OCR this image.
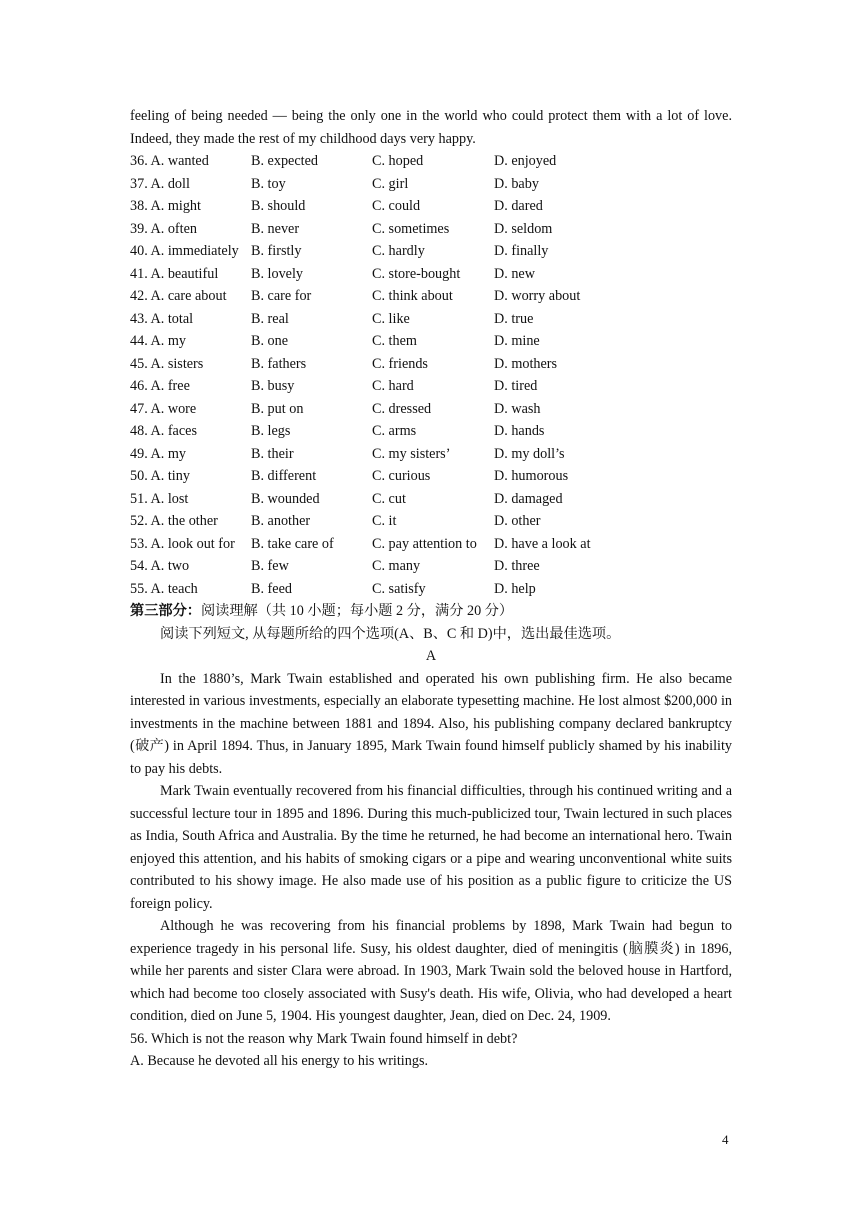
feeling of being needed — being the only one in the world who could protect them with a lot of love. Indeed, they made the rest of my childhood days very happy.

36. A. wanted	B. expected	C. hoped	D. enjoyed
37. A. doll	B. toy	C. girl	D. baby
38. A. might	B. should	C. could	D. dared
39. A. often	B. never	C. sometimes	D. seldom
40. A. immediately B. firstly	C. hardly	D. finally
41. A. beautiful	B. lovely	C. store-bought	D. new
42. A. care about	B. care for	C. think about	D. worry about
43. A. total	B. real	C. like	D. true
44. A. my	B. one	C. them	D. mine
45. A. sisters	B. fathers	C. friends	D. mothers
46. A. free	B. busy	C. hard	D. tired
47. A. wore	B. put on	C. dressed	D. wash
48. A. faces	B. legs	C. arms	D. hands
49. A. my	B. their	C. my sisters’	D. my doll’s
50. A. tiny	B. different	C. curious	D. humorous
51. A. lost	B. wounded	C. cut	D. damaged
52. A. the other	B. another	C. it	D. other
53. A. look out for	B. take care of	C. pay attention to	D. have a look at
54. A. two	B. few	C. many	D. three
55. A. teach	B. feed	C. satisfy	D. help

第三部分：阅读理解（共 10 小题；每小题 2 分，满分 20 分）

阅读下列短文, 从每题所给的四个选项(A、B、C 和 D)中，选出最佳选项。

A

In the 1880’s, Mark Twain established and operated his own publishing firm. He also became interested in various investments, especially an elaborate typesetting machine. He lost almost $200,000 in investments in the machine between 1881 and 1894. Also, his publishing company declared bankruptcy (破产) in April 1894. Thus, in January 1895, Mark Twain found himself publicly shamed by his inability to pay his debts.

Mark Twain eventually recovered from his financial difficulties, through his continued writing and a successful lecture tour in 1895 and 1896. During this much-publicized tour, Twain lectured in such places as India, South Africa and Australia. By the time he returned, he had become an international hero. Twain enjoyed this attention, and his habits of smoking cigars or a pipe and wearing unconventional white suits contributed to his showy image. He also made use of his position as a public figure to criticize the US foreign policy.

Although he was recovering from his financial problems by 1898, Mark Twain had begun to experience tragedy in his personal life. Susy, his oldest daughter, died of meningitis (脑膜炎) in 1896, while her parents and sister Clara were abroad. In 1903, Mark Twain sold the beloved house in Hartford, which had become too closely associated with Susy's death. His wife, Olivia, who had developed a heart condition, died on June 5, 1904. His youngest daughter, Jean, died on Dec. 24, 1909.

56. Which is not the reason why Mark Twain found himself in debt?

A. Because he devoted all his energy to his writings.

4
